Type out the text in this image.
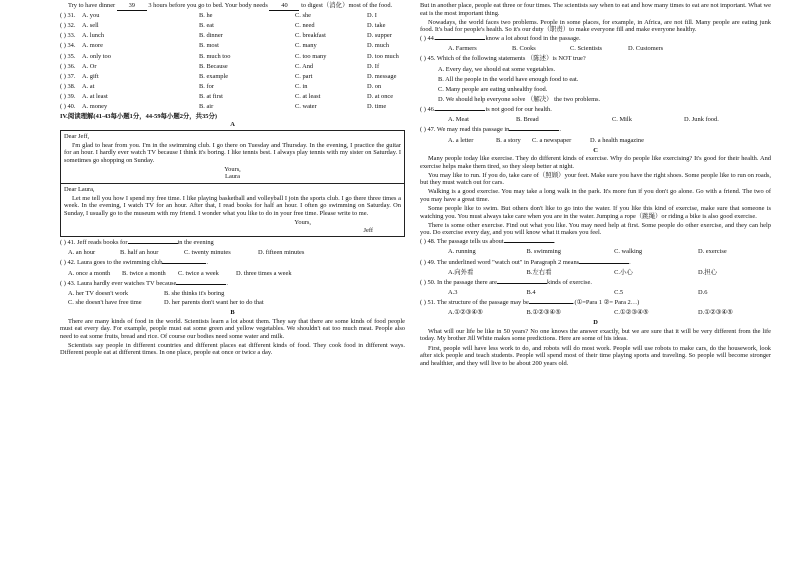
Try to have dinner 39 3 hours before you go to bed. Your body needs 40 to digest（消化）most of the food.

( ) 31.	A. you	B. he	C. she	D. I
( ) 32.	A. sell	B. eat	C. need	D. take
( ) 33.	A. lunch	B. dinner	C. breakfast	D. supper
( ) 34.	A. more	B. most	C. many	D. much
( ) 35.	A. only too	B. much too	C. too many	D. too much
( ) 36.	A. Or	B. Because	C. And	D. If
( ) 37.	A. gift	B. example	C. part	D. message
( ) 38.	A. at	B. for	C. in	D. on
( ) 39.	A. at least	B. at first	C. at least	D. at once
( ) 40.	A. money	B. air	C. water	D. time
IV.阅读理解(41-43每小题1分，44-59每小题2分，共35分)
A

Dear Jeff,

I'm glad to hear from you. I'm in the swimming club. I go there on Tuesday and Thursday. In the evening, I practice the guitar for an hour. I hardly ever watch TV because I think it's boring. I like tennis best. I always play tennis with my sister on Saturday. I sometimes go shopping on Sunday.

Yours,

Laura

Dear Laura,

Let me tell you how I spend my free time. I like playing basketball and volleyball I join the sports club. I go there three times a week. In the evening, I watch TV for an hour. After that, I read books for half an hour. I often go swimming on Saturday. On Sunday, I usually go to the museum with my friend. I wonder what you like to do in your free time. Please write to me.

Yours,

Jeff

( ) 41. Jeff reads books for	in the evening
A. an hour	B. half an hour	C. twenty minutes	D. fifteen minutes
( ) 42. Laura goes to the swimming club	.
A. once a month	B. twice a month	C. twice a week	D. three times a week
( ) 43. Laura hardly ever watches TV because	.
A. her TV doesn't work	B. she thinks it's boring
C. she doesn't have free time	D. her parents don't want her to do that
B

There are many kinds of food in the world. Scientists learn a lot about them. They say that there are some kinds of food people must eat every day. For example, people must eat some green and yellow vegetables. We shouldn't eat too much meat. People also need to eat some fruits, bread and rice. Of course our bodies need some water and milk.

Scientists say people in different countries and different places eat different kinds of food. They cook food in different ways. Different people eat at different times. In one place, people eat once or twice a day.

But in another place, people eat three or four times. The scientists say when to eat and how many times to eat are not important. What we eat is the most important thing.

Nowadays, the world faces two problems. People in some places, for example, in Africa, are not fill. Many people are eating junk food. It's bad for people's health. So it's our duty（职责）to make everyone fill and make everyone healthy.

( ) 44.	know a lot about food in the passage.
A. Farmers	B. Cooks	C. Scientists	D. Customers
( ) 45. Which of the following statements （陈述）is NOT true?
A. Every day, we should eat some vegetables.
B. All the people in the world have enough food to eat.
C. Many people are eating unhealthy food.
D. We should help everyone solve （解决） the two problems.
( ) 46.	is not good for our health.
A. Meat	B. Bread	C. Milk	D. Junk food.
( ) 47. We may read this passage in	.
A. a letter	B. a story	C. a newspaper	D. a health magazine
C

Many people today like exercise. They do different kinds of exercise. Why do people like exercising? It's good for their health. And exercise helps make them tired, so they sleep better at night.

You may like to run. If you do, take care of（照顾）your feet. Make sure you have the right shoes. Some people like to run on roads, but they must watch out for cars.

Walking is a good exercise. You may take a long walk in the park. It's more fun if you don't go alone. Go with a friend. The two of you may have a great time.

Some people like to swim. But others don't like to go into the water. If you like this kind of exercise, make sure that someone is watching you. You must always take care when you are in the water. Jumping a rope（跳绳）or riding a bike is also good exercise.

There is some other exercise. Find out what you like. You may need help at first. Some people do other exercise, and they can help you. Do exercise every day, and you will know what it makes you feel.

( ) 48. The passage tells us about	.
A. running	B. swimming	C. walking	D. exercise
( ) 49. The underlined word "watch out" in Paragraph 2 means	.
A.向外看	B.左右看	C.小心	D.担心
( ) 50. In the passage there are	kinds of exercise.
A.3	B.4	C.5	D.6
( ) 51. The structure of the passage may be	.(①=Para 1 ②= Para 2…)
A.①②③④⑤	B.①②③④⑤	C.①②③④⑤	D.①②③④⑤
D

What will our life be like in 50 years? No one knows the answer exactly, but we are sure that it will be very different from the life today. My brother Jill White makes some predictions. Here are some of his ideas.

First, people will have less work to do, and robots will do most work. People will use robots to make cars, do the housework, look after sick people and teach students. People will spend most of their time playing sports and traveling. So people will become stronger and healthier, and they will live to be about 200 years old.
